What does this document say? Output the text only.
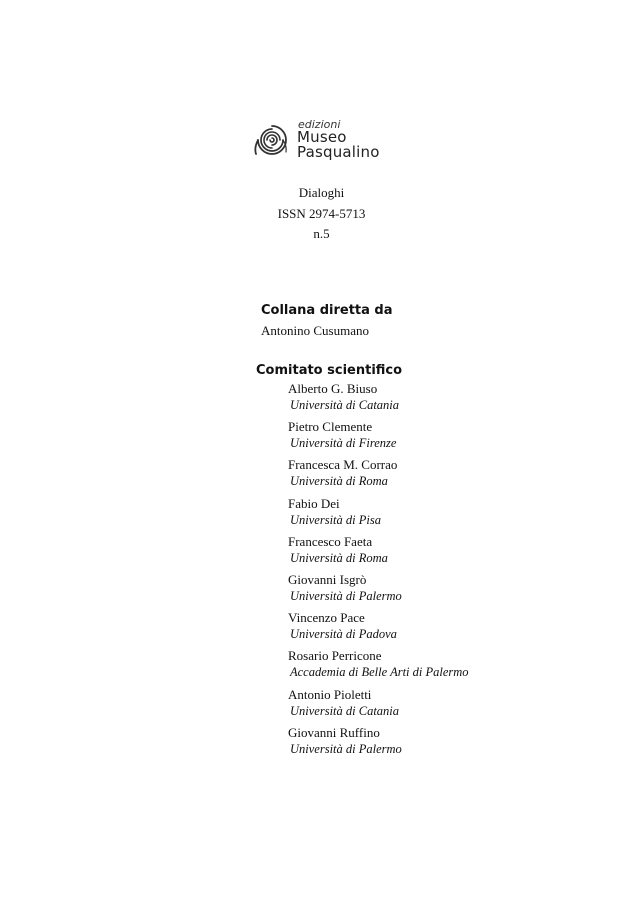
edizioni
Museo
Pasqualino
Dialoghi
ISSN 2974-5713
n.5
Collana diretta da
Antonino Cusumano
Comitato scientifico
Alberto G. Biuso
Università di Catania
Pietro Clemente
Università di Firenze
Francesca M. Corrao
Università di Roma
Fabio Dei
Università di Pisa
Francesco Faeta
Università di Roma
Giovanni Isgrò
Università di Palermo
Vincenzo Pace
Università di Padova
Rosario Perricone
Accademia di Belle Arti di Palermo
Antonio Pioletti
Università di Catania
Giovanni Ruffino
Università di Palermo
